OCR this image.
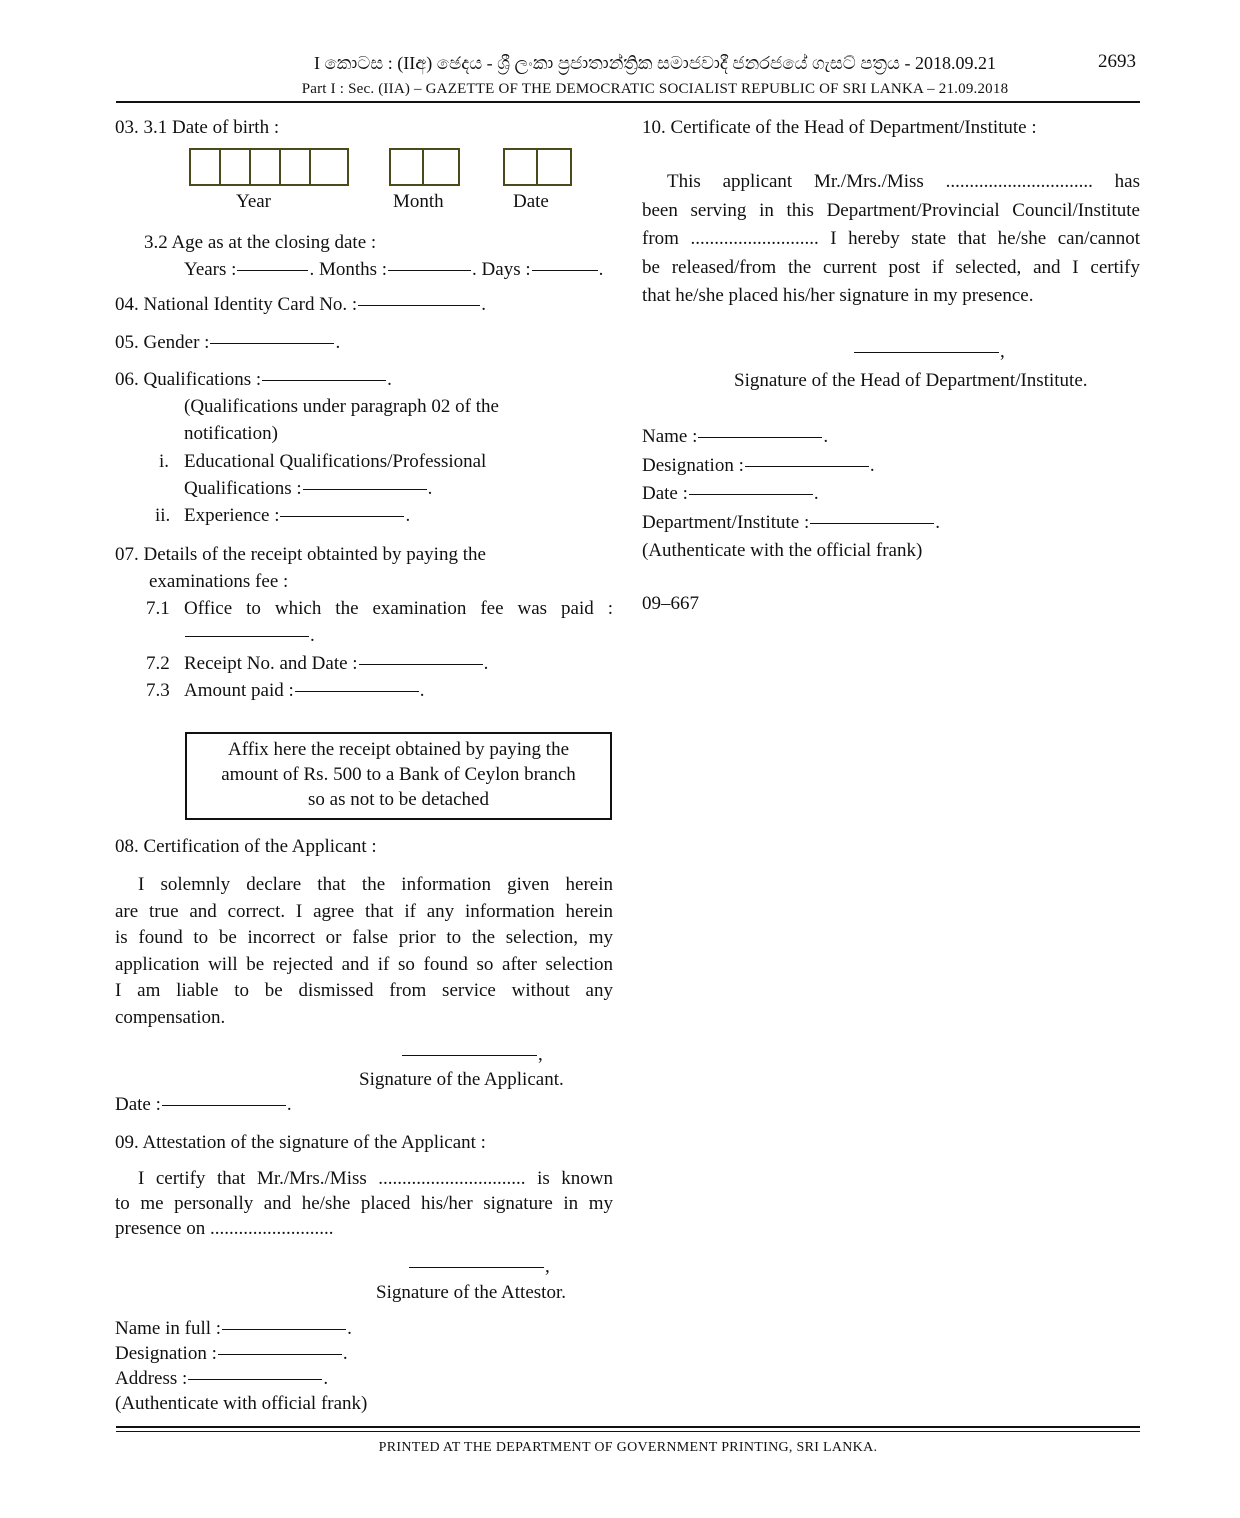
I කොටස : (IIඅ) ඡෙදය - ශ්‍රී ලංකා ප්‍රජාතාන්ත්‍රික සමාජවාදී ජනරජයේ ගැසට් පත්‍රය - 2018.09.21	2693
Part I : Sec. (IIA) – GAZETTE OF THE DEMOCRATIC SOCIALIST REPUBLIC OF SRI LANKA – 21.09.2018
03. 3.1 Date of birth :
Year	Month	Date
3.2 Age as at the closing date :
Years :	. Months :	. Days :	.
04. National Identity Card No. :	.
05. Gender :	.
06. Qualifications :	.
(Qualifications under paragraph 02 of the
notification)
i. Educational Qualifications/Professional
Qualifications :	.
ii. Experience :	.
07. Details of the receipt obtainted by paying the
examinations fee :
7.1 Office to which the examination fee was paid :
.
7.2 Receipt No. and Date :	.
7.3 Amount paid :	.
Affix here the receipt obtained by paying the
amount of Rs. 500 to a Bank of Ceylon branch
so as not to be detached
08. Certification of the Applicant :
I solemnly declare that the information given herein
are true and correct. I agree that if any information herein
is found to be incorrect or false prior to the selection, my
application will be rejected and if so found so after selection
I am liable to be dismissed from service without any
compensation.
,
Signature of the Applicant.
Date :	.
09. Attestation of the signature of the Applicant :
I certify that Mr./Mrs./Miss ............................... is known
to me personally and he/she placed his/her signature in my
presence on ..........................
,
Signature of the Attestor.
Name in full :	.
Designation :	.
Address :	.
(Authenticate with official frank)
10. Certificate of the Head of Department/Institute :
This applicant Mr./Mrs./Miss ............................... has
been serving in this Department/Provincial Council/Institute
from ........................... I hereby state that he/she can/cannot
be released/from the current post if selected, and I certify
that he/she placed his/her signature in my presence.
,
Signature of the Head of Department/Institute.
Name :	.
Designation :	.
Date :	.
Department/Institute :	.
(Authenticate with the official frank)
09–667
PRINTED AT THE DEPARTMENT OF GOVERNMENT PRINTING, SRI LANKA.
